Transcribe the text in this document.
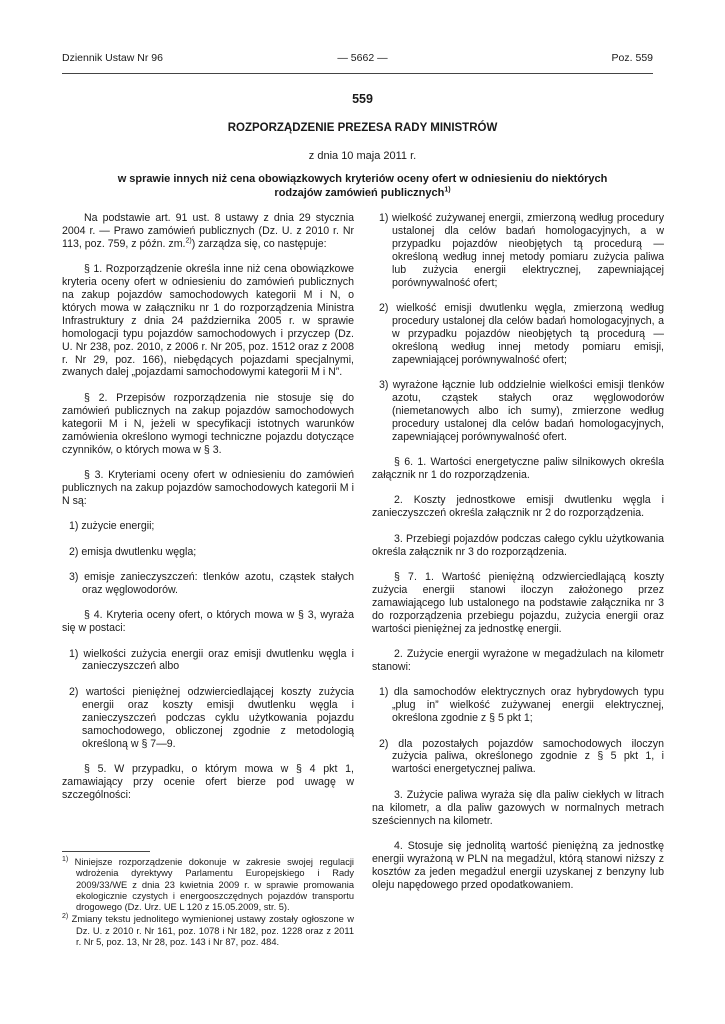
Dziennik Ustaw Nr 96	— 5662 —	Poz. 559
559
ROZPORZĄDZENIE PREZESA RADY MINISTRÓW
z dnia 10 maja 2011 r.
w sprawie innych niż cena obowiązkowych kryteriów oceny ofert w odniesieniu do niektórych rodzajów zamówień publicznych$^{1)}$

Na podstawie art. 91 ust. 8 ustawy z dnia 29 stycznia 2004 r. — Prawo zamówień publicznych (Dz. U. z 2010 r. Nr 113, poz. 759, z późn. zm.$^{2)}$) zarządza się, co następuje:

§ 1. Rozporządzenie określa inne niż cena obowiązkowe kryteria oceny ofert w odniesieniu do zamówień publicznych na zakup pojazdów samochodowych kategorii M i N, o których mowa w załączniku nr 1 do rozporządzenia Ministra Infrastruktury z dnia 24 października 2005 r. w sprawie homologacji typu pojazdów samochodowych i przyczep (Dz. U. Nr 238, poz. 2010, z 2006 r. Nr 205, poz. 1512 oraz z 2008 r. Nr 29, poz. 166), niebędących pojazdami specjalnymi, zwanych dalej „pojazdami samochodowymi kategorii M i N”.

§ 2. Przepisów rozporządzenia nie stosuje się do zamówień publicznych na zakup pojazdów samochodowych kategorii M i N, jeżeli w specyfikacji istotnych warunków zamówienia określono wymogi techniczne pojazdu dotyczące czynników, o których mowa w § 3.

§ 3. Kryteriami oceny ofert w odniesieniu do zamówień publicznych na zakup pojazdów samochodowych kategorii M i N są:

1) zużycie energii;

2) emisja dwutlenku węgla;

3) emisje zanieczyszczeń: tlenków azotu, cząstek stałych oraz węglowodorów.

§ 4. Kryteria oceny ofert, o których mowa w § 3, wyraża się w postaci:

1) wielkości zużycia energii oraz emisji dwutlenku węgla i zanieczyszczeń albo

2) wartości pieniężnej odzwierciedlającej koszty zużycia energii oraz koszty emisji dwutlenku węgla i zanieczyszczeń podczas cyklu użytkowania pojazdu samochodowego, obliczonej zgodnie z metodologią określoną w § 7—9.

§ 5. W przypadku, o którym mowa w § 4 pkt 1, zamawiający przy ocenie ofert bierze pod uwagę w szczególności:

$^{1)}$ Niniejsze rozporządzenie dokonuje w zakresie swojej regulacji wdrożenia dyrektywy Parlamentu Europejskiego i Rady 2009/33/WE z dnia 23 kwietnia 2009 r. w sprawie promowania ekologicznie czystych i energooszczędnych pojazdów transportu drogowego (Dz. Urz. UE L 120 z 15.05.2009, str. 5).

$^{2)}$ Zmiany tekstu jednolitego wymienionej ustawy zostały ogłoszone w Dz. U. z 2010 r. Nr 161, poz. 1078 i Nr 182, poz. 1228 oraz z 2011 r. Nr 5, poz. 13, Nr 28, poz. 143 i Nr 87, poz. 484.

1) wielkość zużywanej energii, zmierzoną według procedury ustalonej dla celów badań homologacyjnych, a w przypadku pojazdów nieobjętych tą procedurą — określoną według innej metody pomiaru zużycia paliwa lub zużycia energii elektrycznej, zapewniającej porównywalność ofert;

2) wielkość emisji dwutlenku węgla, zmierzoną według procedury ustalonej dla celów badań homologacyjnych, a w przypadku pojazdów nieobjętych tą procedurą — określoną według innej metody pomiaru emisji, zapewniającej porównywalność ofert;

3) wyrażone łącznie lub oddzielnie wielkości emisji tlenków azotu, cząstek stałych oraz węglowodorów (niemetanowych albo ich sumy), zmierzone według procedury ustalonej dla celów badań homologacyjnych, zapewniającej porównywalność ofert.

§ 6. 1. Wartości energetyczne paliw silnikowych określa załącznik nr 1 do rozporządzenia.

2. Koszty jednostkowe emisji dwutlenku węgla i zanieczyszczeń określa załącznik nr 2 do rozporządzenia.

3. Przebiegi pojazdów podczas całego cyklu użytkowania określa załącznik nr 3 do rozporządzenia.

§ 7. 1. Wartość pieniężną odzwierciedlającą koszty zużycia energii stanowi iloczyn założonego przez zamawiającego lub ustalonego na podstawie załącznika nr 3 do rozporządzenia przebiegu pojazdu, zużycia energii oraz wartości pieniężnej za jednostkę energii.

2. Zużycie energii wyrażone w megadżulach na kilometr stanowi:

1) dla samochodów elektrycznych oraz hybrydowych typu „plug in” wielkość zużywanej energii elektrycznej, określona zgodnie z § 5 pkt 1;

2) dla pozostałych pojazdów samochodowych iloczyn zużycia paliwa, określonego zgodnie z § 5 pkt 1, i wartości energetycznej paliwa.

3. Zużycie paliwa wyraża się dla paliw ciekłych w litrach na kilometr, a dla paliw gazowych w normalnych metrach sześciennych na kilometr.

4. Stosuje się jednolitą wartość pieniężną za jednostkę energii wyrażoną w PLN na megadżul, którą stanowi niższy z kosztów za jeden megadżul energii uzyskanej z benzyny lub oleju napędowego przed opodatkowaniem.
